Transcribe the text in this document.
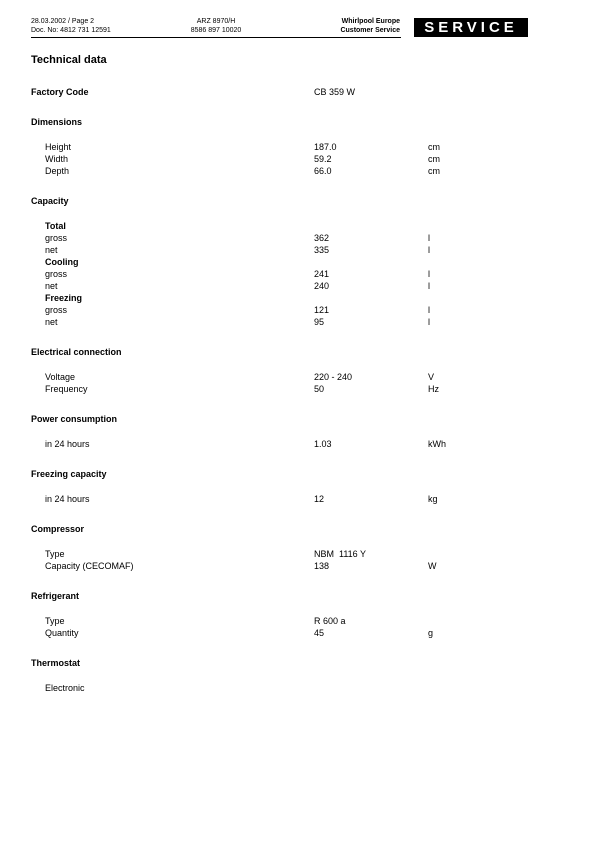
28.03.2002 / Page 2
Doc. No: 4812 731 12591
ARZ 8970/H
8586 897 10020
Whirlpool Europe
Customer Service	SERVICE
Technical data
Factory Code	CB 359 W
Dimensions
Height	187.0	cm
Width	59.2	cm
Depth	66.0	cm
Capacity
Total
gross	362	l
net	335	l
Cooling
gross	241	l
net	240	l
Freezing
gross	121	l
net	95	l
Electrical connection
Voltage	220 - 240	V
Frequency	50	Hz
Power consumption
in 24 hours	1.03	kWh
Freezing capacity
in 24 hours	12	kg
Compressor
Type	NBM  1116 Y
Capacity (CECOMAF)	138	W
Refrigerant
Type	R 600 a
Quantity	45	g
Thermostat
Electronic
